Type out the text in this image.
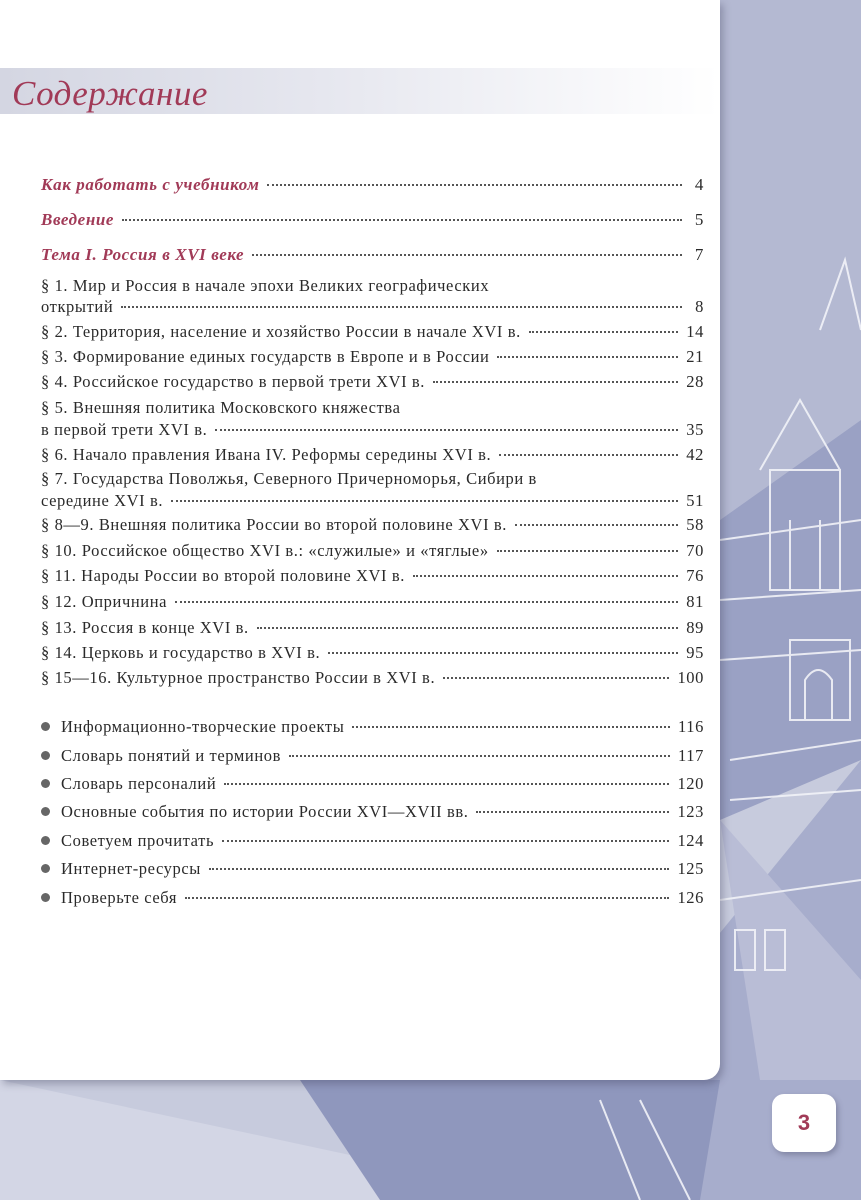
Содержание
Как работать с учебником	4
Введение	5
Тема I. Россия в XVI веке	7
§ 1. Мир и Россия в начале эпохи Великих географических
открытий	8
§ 2. Территория, население и хозяйство России в начале XVI в.	14
§ 3. Формирование единых государств в Европе и в России	21
§ 4. Российское государство в первой трети XVI в.	28
§ 5. Внешняя политика Московского княжества
в первой трети XVI в.	35
§ 6. Начало правления Ивана IV. Реформы середины XVI в.	42
§ 7. Государства Поволжья, Северного Причерноморья, Сибири в
середине XVI в.	51
§ 8—9. Внешняя политика России во второй половине XVI в.	58
§ 10. Российское общество XVI в.: «служилые» и «тяглые»	70
§ 11. Народы России во второй половине XVI в.	76
§ 12. Опричнина	81
§ 13. Россия в конце XVI в.	89
§ 14. Церковь и государство в XVI в.	95
§ 15—16. Культурное пространство России в XVI в.	100
Информационно-творческие проекты	116
Словарь понятий и терминов	117
Словарь персоналий	120
Основные события по истории России XVI—XVII вв.	123
Советуем прочитать	124
Интернет-ресурсы	125
Проверьте себя	126
3
